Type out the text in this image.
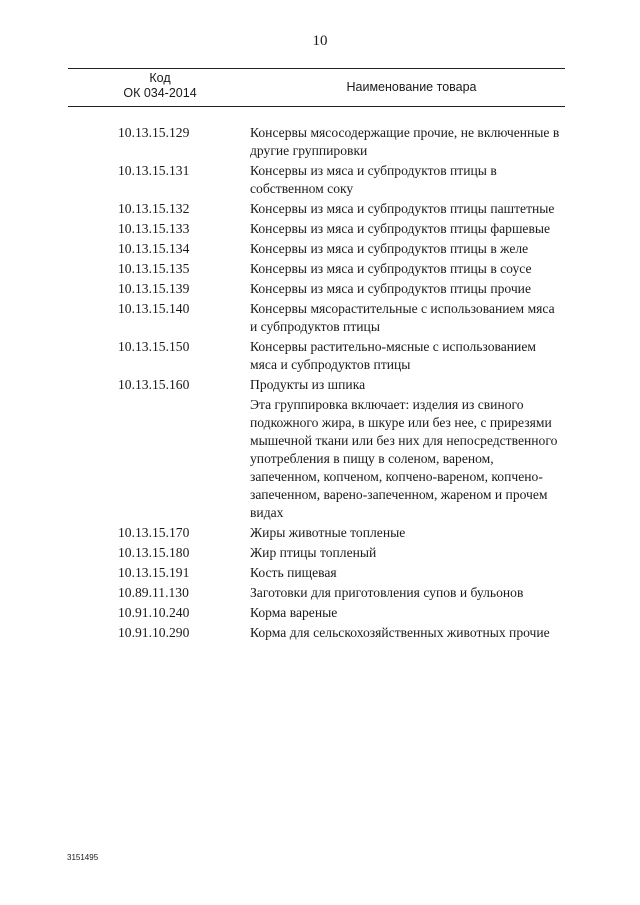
10
Код
ОК 034-2014	Наименование товара
10.13.15.129	Консервы мясосодержащие прочие, не включенные в другие группировки
10.13.15.131	Консервы из мяса и субпродуктов птицы в собственном соку
10.13.15.132	Консервы из мяса и субпродуктов птицы паштетные
10.13.15.133	Консервы из мяса и субпродуктов птицы фаршевые
10.13.15.134	Консервы из мяса и субпродуктов птицы в желе
10.13.15.135	Консервы из мяса и субпродуктов птицы в соусе
10.13.15.139	Консервы из мяса и субпродуктов птицы прочие
10.13.15.140	Консервы мясорастительные с использованием мяса и субпродуктов птицы
10.13.15.150	Консервы растительно-мясные с использованием мяса и субпродуктов птицы
10.13.15.160	Продукты из шпика
Эта группировка включает: изделия из свиного подкожного жира, в шкуре или без нее, с прирезями мышечной ткани или без них для непосредственного употребления в пищу в соленом, вареном, запеченном, копченом, копчено-вареном, копчено-запеченном, варено-запеченном, жареном и прочем видах
10.13.15.170	Жиры животные топленые
10.13.15.180	Жир птицы топленый
10.13.15.191	Кость пищевая
10.89.11.130	Заготовки для приготовления супов и бульонов
10.91.10.240	Корма вареные
10.91.10.290	Корма для сельскохозяйственных животных прочие
3151495
